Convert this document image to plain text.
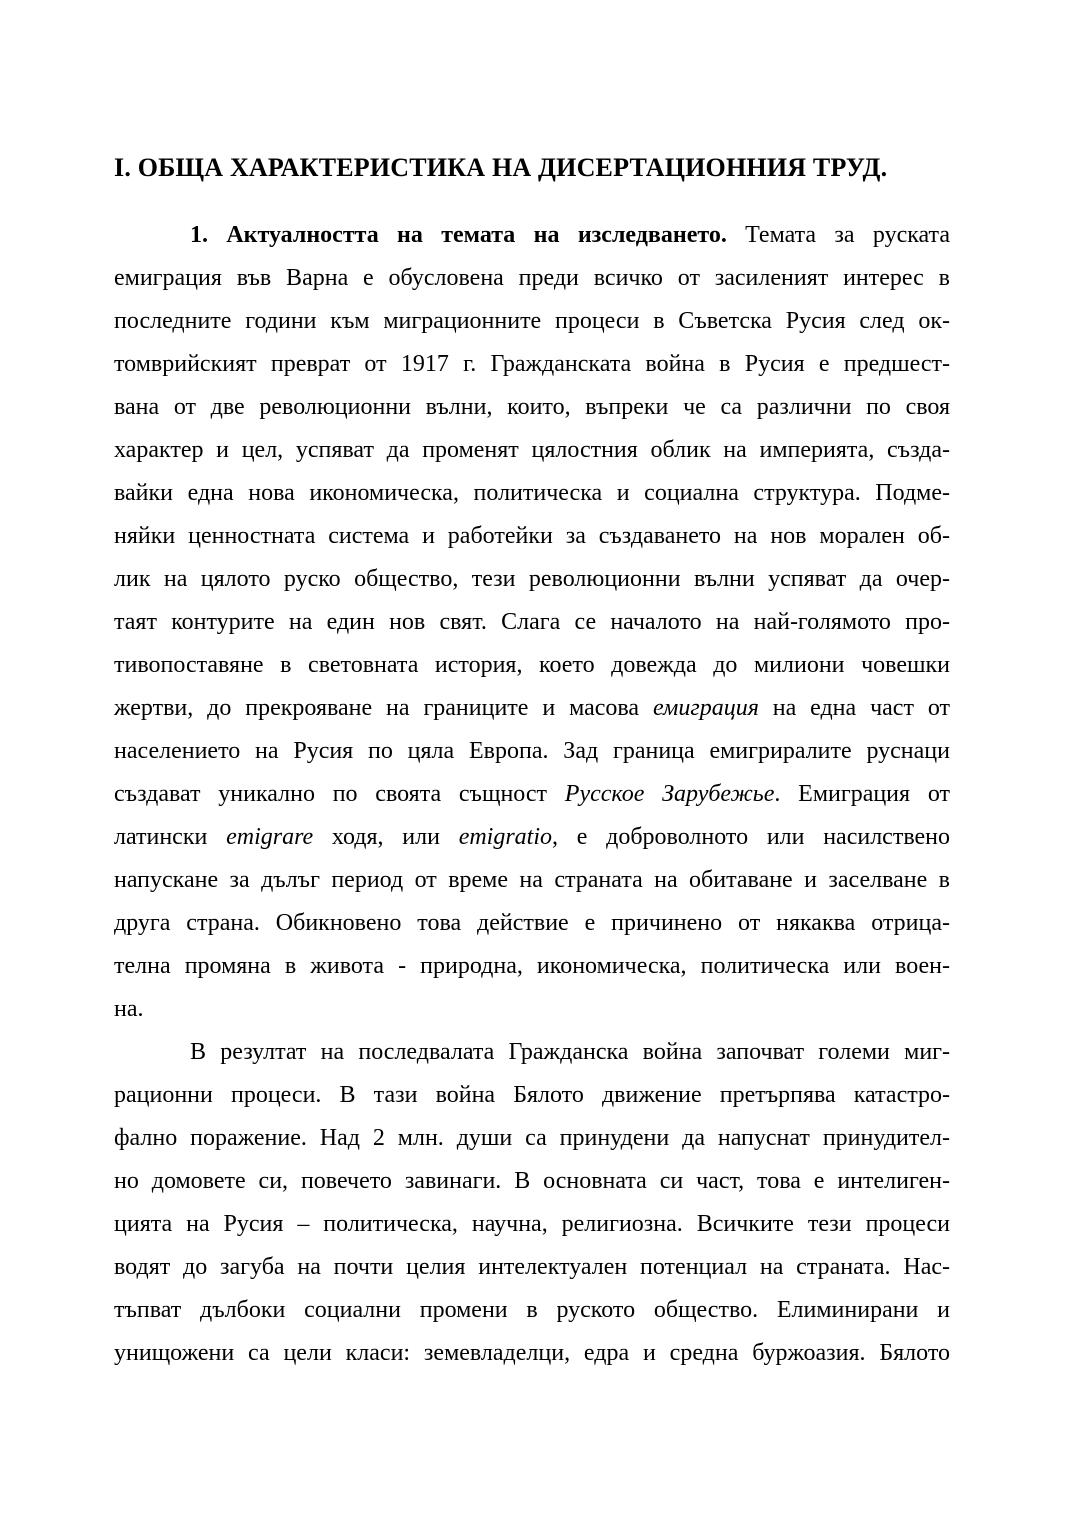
I. ОБЩА ХАРАКТЕРИСТИКА НА ДИСЕРТАЦИОННИЯ ТРУД.
1. Актуалността на темата на изследването. Темата за руската
емиграция във Варна е обусловена преди всичко от засиленият интерес в
последните години към миграционните процеси в Съветска Русия след ок-
томврийският преврат от 1917 г. Гражданската война в Русия е предшест-
вана от две революционни вълни, които, въпреки че са различни по своя
характер и цел, успяват да променят цялостния облик на империята, създа-
вайки една нова икономическа, политическа и социална структура. Подме-
няйки ценностната система и работейки за създаването на нов морален об-
лик на цялото руско общество, тези революционни вълни успяват да очер-
таят контурите на един нов свят. Слага се началото на най-голямото про-
тивопоставяне в световната история, което довежда до милиони човешки
жертви, до прекрояване на границите и масова емиграция на една част от
населението на Русия по цяла Европа. Зад граница емигриралите руснаци
създават уникално по своята същност Русское Зарубежье. Емиграция от
латински emigrare ходя, или emigratio, е доброволното или насилствено
напускане за дълъг период от време на страната на обитаване и заселване в
друга страна. Обикновено това действие е причинено от някаква отрица-
телна промяна в живота - природна, икономическа, политическа или воен-
на.
В резултат на последвалата Гражданска война започват големи миг-
рационни процеси. В тази война Бялото движение претърпява катастро-
фално поражение. Над 2 млн. души са принудени да напуснат принудител-
но домовете си, повечето завинаги. В основната си част, това е интелиген-
цията на Русия – политическа, научна, религиозна. Всичките тези процеси
водят до загуба на почти целия интелектуален потенциал на страната. Нас-
тъпват дълбоки социални промени в руското общество. Елиминирани и
унищожени са цели класи: земевладелци, едра и средна буржоазия. Бялото
